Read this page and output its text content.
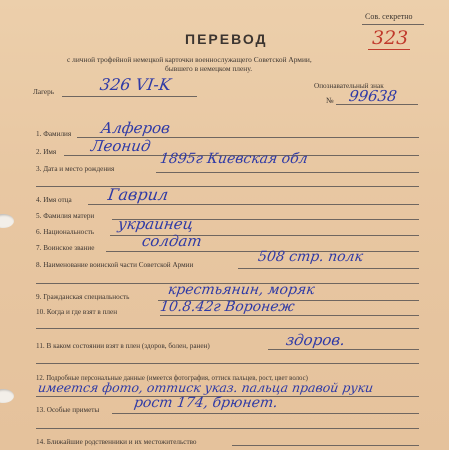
Сов. секретно
323
ПЕРЕВОД
с личной трофейной немецкой карточки военнослужащего Советской Армии,
бывшего в немецком плену.
Лагерь	326 VI-K	Опознавательный знак
№ 99638
1. Фамилия Алферов
2. Имя Леонид
3. Дата и место рождения
1895г Киевская обл
4. Имя отца Гаврил
5. Фамилия матери
6. Национальность украинец
7. Воинское звание	солдат
8. Наименование воинской части Советской Армии	508 стр. полк
9. Гражданская специальность	крестьянин, моряк
10. Когда и где взят в плен	10.8.42г Воронеж
11. В каком состоянии взят в плен (здоров, болен, ранен)	здоров.
12. Подробные персональные данные (имеется фотография, оттиск пальцев, рост, цвет волос)
имеется фото, оттиск указ. пальца правой руки
13. Особые приметы рост 174, брюнет.
14. Ближайшие родственники и их местожительство
